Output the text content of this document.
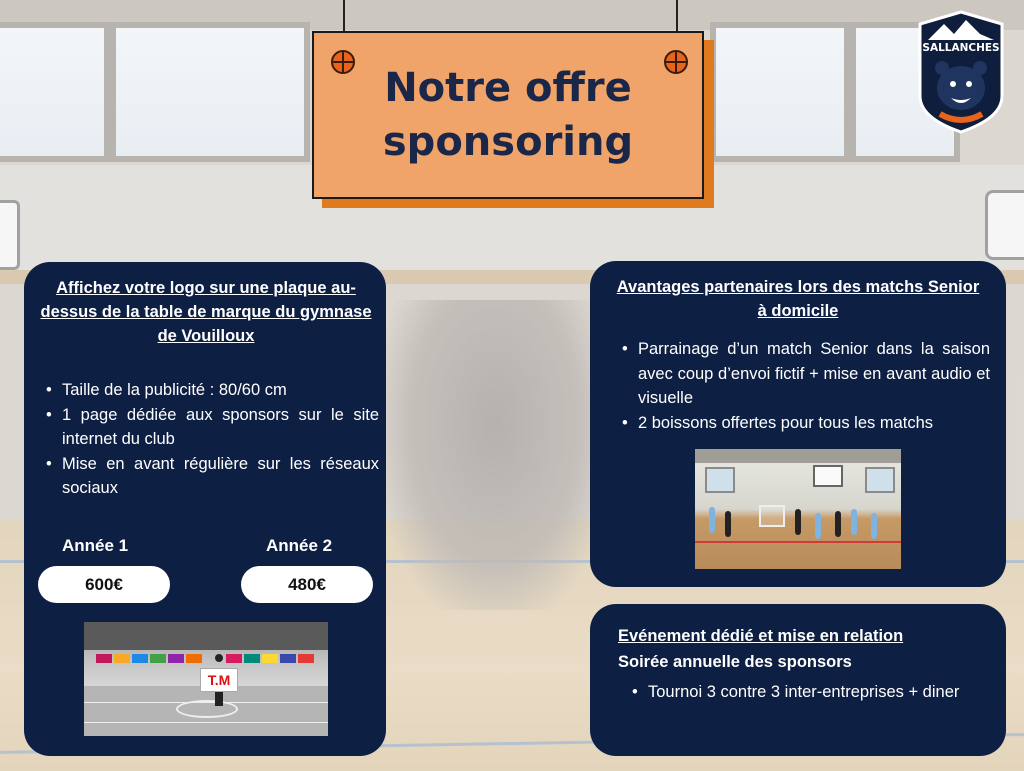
Notre offre
sponsoring
SALLANCHES
Affichez votre logo sur une plaque au-dessus de la table de marque du gymnase de Vouilloux
• Taille de la publicité : 80/60 cm
• 1 page dédiée aux sponsors sur le site internet du club
• Mise en avant régulière sur les réseaux sociaux
Année 1	Année 2
600€	480€
T.M
Avantages partenaires lors des matchs Senior à domicile
• Parrainage d’un match Senior dans la saison avec coup d’envoi fictif + mise en avant audio et visuelle
• 2 boissons offertes pour tous les matchs
Evénement dédié et mise en relation
Soirée annuelle des sponsors
• Tournoi 3 contre 3 inter-entreprises + diner
